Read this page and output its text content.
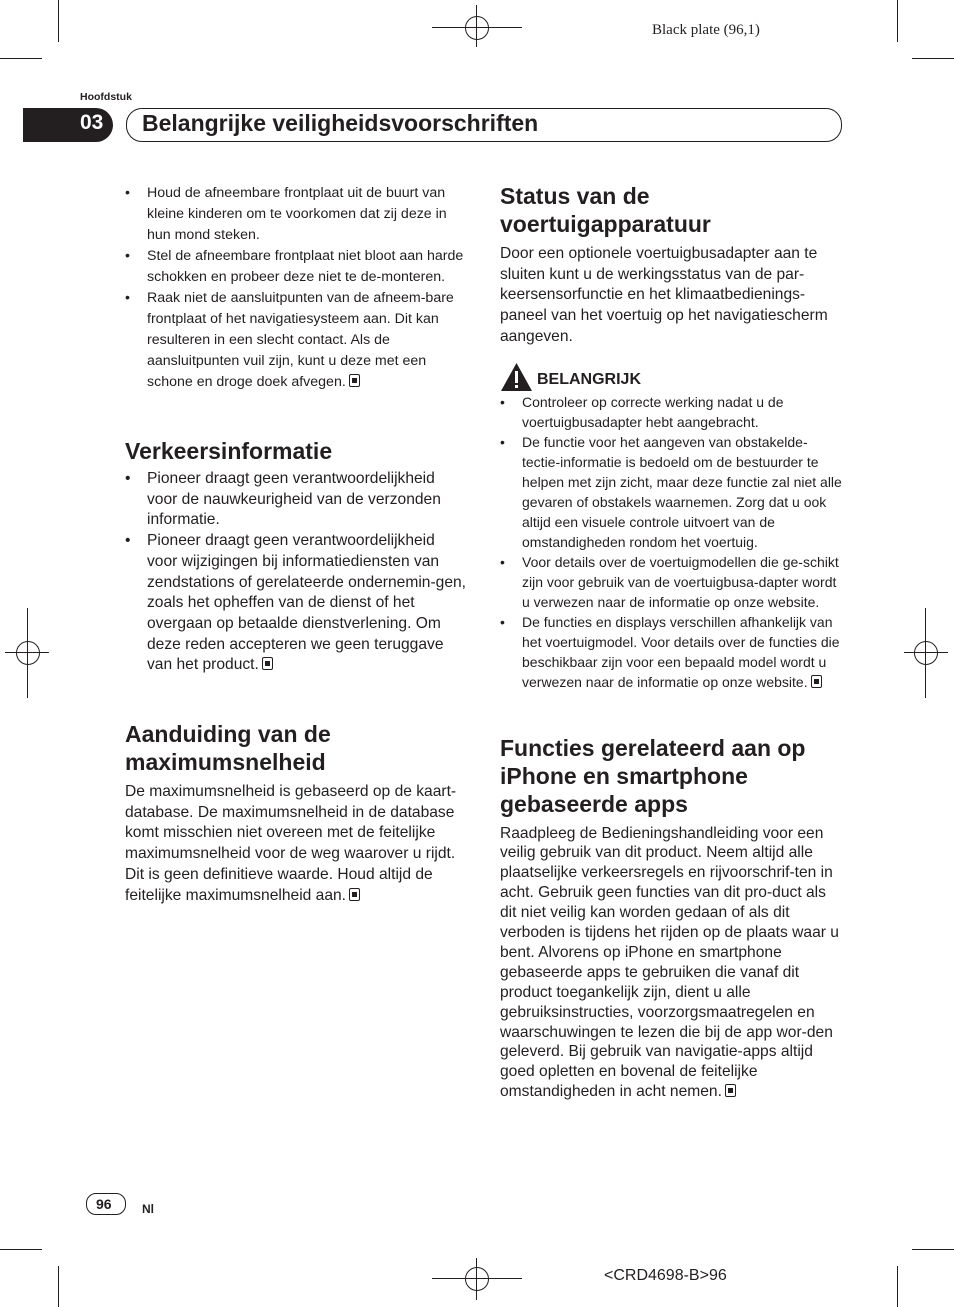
Black plate (96,1)
Hoofdstuk
03 Belangrijke veiligheidsvoorschriften
• Houd de afneembare frontplaat uit de buurt van kleine kinderen om te voorkomen dat zij deze in hun mond steken.
• Stel de afneembare frontplaat niet bloot aan harde schokken en probeer deze niet te de-monteren.
• Raak niet de aansluitpunten van de afneem-bare frontplaat of het navigatiesysteem aan. Dit kan resulteren in een slecht contact. Als de aansluitpunten vuil zijn, kunt u deze met een schone en droge doek afvegen.
Verkeersinformatie
• Pioneer draagt geen verantwoordelijkheid voor de nauwkeurigheid van de verzonden informatie.
• Pioneer draagt geen verantwoordelijkheid voor wijzigingen bij informatiediensten van zendstations of gerelateerde ondernemin-gen, zoals het opheffen van de dienst of het overgaan op betaalde dienstverlening. Om deze reden accepteren we geen teruggave van het product.
Aanduiding van de
maximumsnelheid
De maximumsnelheid is gebaseerd op de kaart-database. De maximumsnelheid in de database komt misschien niet overeen met de feitelijke maximumsnelheid voor de weg waarover u rijdt. Dit is geen definitieve waarde. Houd altijd de feitelijke maximumsnelheid aan.
Status van de
voertuigapparatuur
Door een optionele voertuigbusadapter aan te sluiten kunt u de werkingsstatus van de par-keersensorfunctie en het klimaatbedienings-paneel van het voertuig op het navigatiescherm aangeven.
BELANGRIJK
• Controleer op correcte werking nadat u de voertuigbusadapter hebt aangebracht.
• De functie voor het aangeven van obstakelde-tectie-informatie is bedoeld om de bestuurder te helpen met zijn zicht, maar deze functie zal niet alle gevaren of obstakels waarnemen. Zorg dat u ook altijd een visuele controle uitvoert van de omstandigheden rondom het voertuig.
• Voor details over de voertuigmodellen die ge-schikt zijn voor gebruik van de voertuigbusa-dapter wordt u verwezen naar de informatie op onze website.
• De functies en displays verschillen afhankelijk van het voertuigmodel. Voor details over de functies die beschikbaar zijn voor een bepaald model wordt u verwezen naar de informatie op onze website.
Functies gerelateerd aan op
iPhone en smartphone
gebaseerde apps
Raadpleeg de Bedieningshandleiding voor een veilig gebruik van dit product. Neem altijd alle plaatselijke verkeersregels en rijvoorschrif-ten in acht. Gebruik geen functies van dit pro-duct als dit niet veilig kan worden gedaan of als dit verboden is tijdens het rijden op de plaats waar u bent. Alvorens op iPhone en smartphone gebaseerde apps te gebruiken die vanaf dit product toegankelijk zijn, dient u alle gebruiksinstructies, voorzorgsmaatregelen en waarschuwingen te lezen die bij de app wor-den geleverd. Bij gebruik van navigatie-apps altijd goed opletten en bovenal de feitelijke omstandigheden in acht nemen.
96	Nl
<CRD4698-B>96
